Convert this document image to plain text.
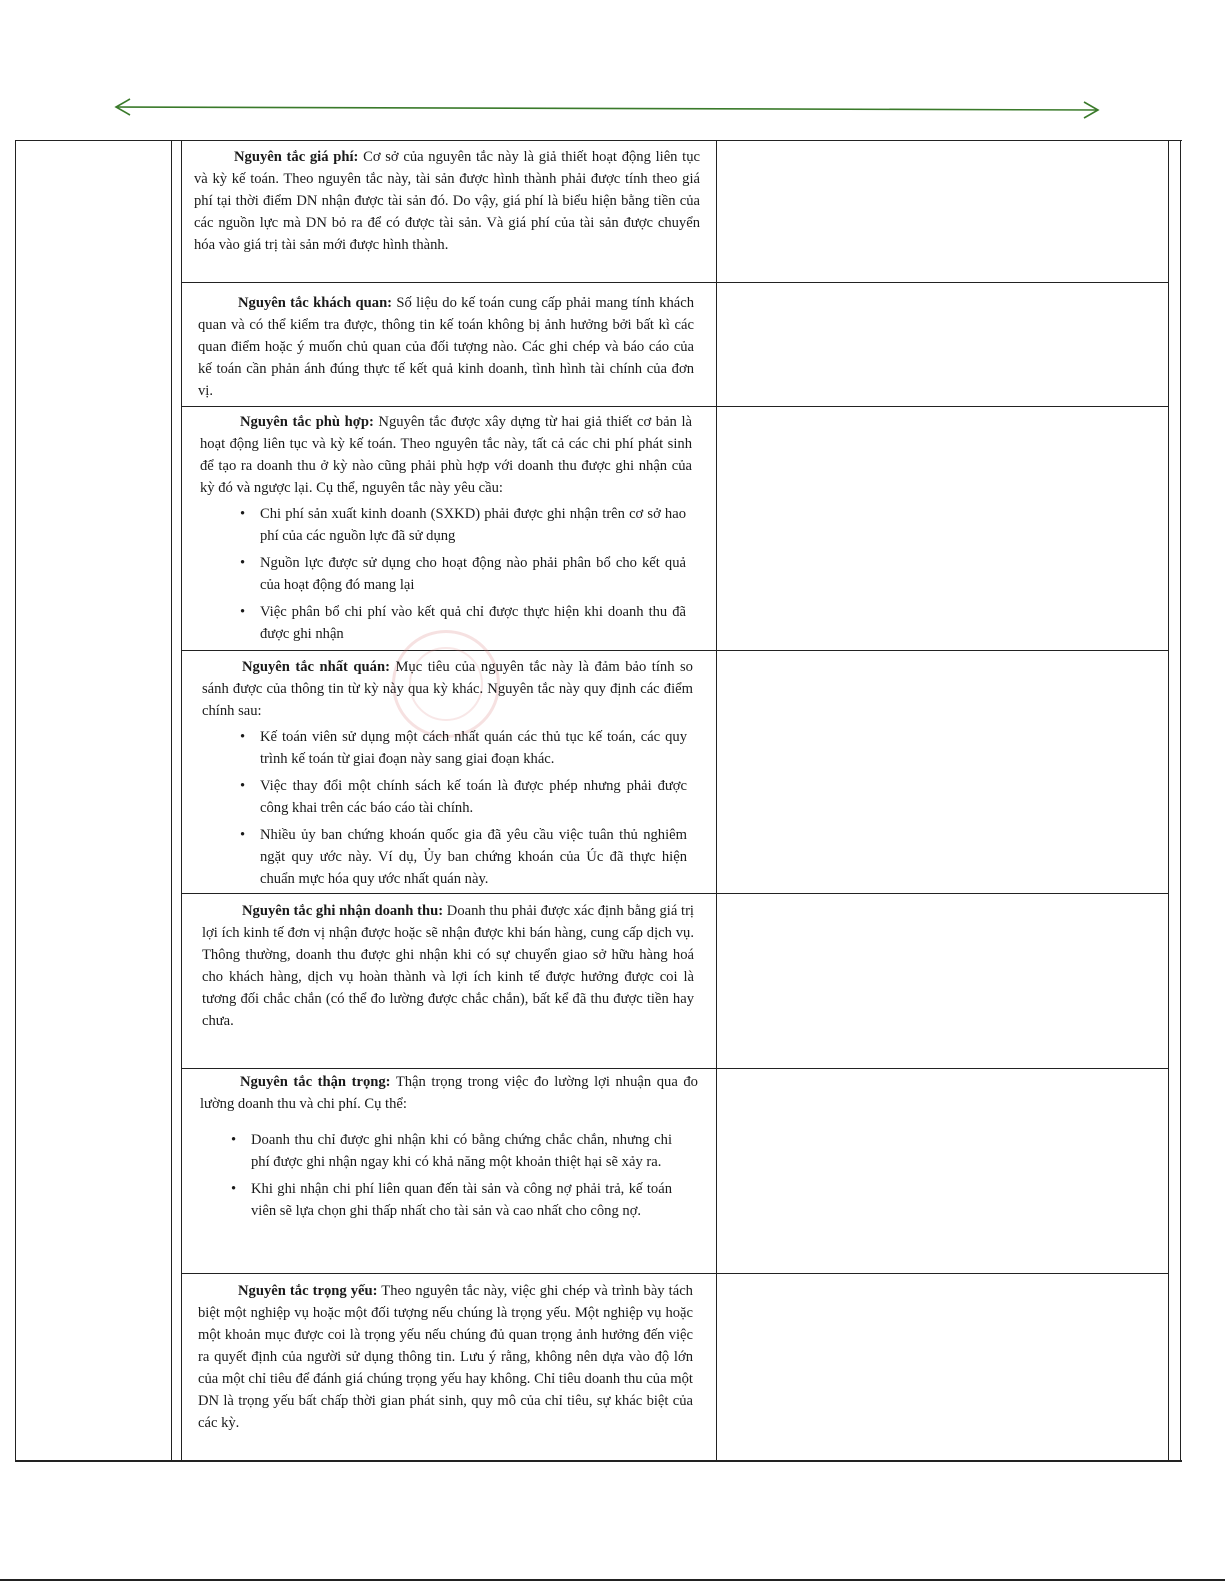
Nguyên tắc giá phí: Cơ sở của nguyên tắc này là giả thiết hoạt động liên tục và kỳ kế toán. Theo nguyên tắc này, tài sản được hình thành phải được tính theo giá phí tại thời điểm DN nhận được tài sản đó. Do vậy, giá phí là biểu hiện bằng tiền của các nguồn lực mà DN bỏ ra để có được tài sản. Và giá phí của tài sản được chuyển hóa vào giá trị tài sản mới được hình thành.

Nguyên tắc khách quan: Số liệu do kế toán cung cấp phải mang tính khách quan và có thể kiểm tra được, thông tin kế toán không bị ảnh hưởng bởi bất kì các quan điểm hoặc ý muốn chủ quan của đối tượng nào. Các ghi chép và báo cáo của kế toán cần phản ánh đúng thực tế kết quả kinh doanh, tình hình tài chính của đơn vị.

Nguyên tắc phù hợp: Nguyên tắc được xây dựng từ hai giả thiết cơ bản là hoạt động liên tục và kỳ kế toán. Theo nguyên tắc này, tất cả các chi phí phát sinh để tạo ra doanh thu ở kỳ nào cũng phải phù hợp với doanh thu được ghi nhận của kỳ đó và ngược lại. Cụ thể, nguyên tắc này yêu cầu:

• Chi phí sản xuất kinh doanh (SXKD) phải được ghi nhận trên cơ sở hao phí của các nguồn lực đã sử dụng
• Nguồn lực được sử dụng cho hoạt động nào phải phân bổ cho kết quả của hoạt động đó mang lại
• Việc phân bổ chi phí vào kết quả chỉ được thực hiện khi doanh thu đã được ghi nhận

Nguyên tắc nhất quán: Mục tiêu của nguyên tắc này là đảm bảo tính so sánh được của thông tin từ kỳ này qua kỳ khác. Nguyên tắc này quy định các điểm chính sau:

• Kế toán viên sử dụng một cách nhất quán các thủ tục kế toán, các quy trình kế toán từ giai đoạn này sang giai đoạn khác.
• Việc thay đổi một chính sách kế toán là được phép nhưng phải được công khai trên các báo cáo tài chính.
• Nhiều ủy ban chứng khoán quốc gia đã yêu cầu việc tuân thủ nghiêm ngặt quy ước này. Ví dụ, Ủy ban chứng khoán của Úc đã thực hiện chuẩn mực hóa quy ước nhất quán này.

Nguyên tắc ghi nhận doanh thu: Doanh thu phải được xác định bằng giá trị lợi ích kinh tế đơn vị nhận được hoặc sẽ nhận được khi bán hàng, cung cấp dịch vụ. Thông thường, doanh thu được ghi nhận khi có sự chuyển giao sở hữu hàng hoá cho khách hàng, dịch vụ hoàn thành và lợi ích kinh tế được hưởng được coi là tương đối chắc chắn (có thể đo lường được chắc chắn), bất kể đã thu được tiền hay chưa.

Nguyên tắc thận trọng: Thận trọng trong việc đo lường lợi nhuận qua đo lường doanh thu và chi phí. Cụ thể:

• Doanh thu chỉ được ghi nhận khi có bằng chứng chắc chắn, nhưng chi phí được ghi nhận ngay khi có khả năng một khoản thiệt hại sẽ xảy ra.
• Khi ghi nhận chi phí liên quan đến tài sản và công nợ phải trả, kế toán viên sẽ lựa chọn ghi thấp nhất cho tài sản và cao nhất cho công nợ.

Nguyên tắc trọng yếu: Theo nguyên tắc này, việc ghi chép và trình bày tách biệt một nghiệp vụ hoặc một đối tượng nếu chúng là trọng yếu. Một nghiệp vụ hoặc một khoản mục được coi là trọng yếu nếu chúng đủ quan trọng ảnh hưởng đến việc ra quyết định của người sử dụng thông tin. Lưu ý rằng, không nên dựa vào độ lớn của một chỉ tiêu để đánh giá chúng trọng yếu hay không. Chỉ tiêu doanh thu của một DN là trọng yếu bất chấp thời gian phát sinh, quy mô của chỉ tiêu, sự khác biệt của các kỳ.
